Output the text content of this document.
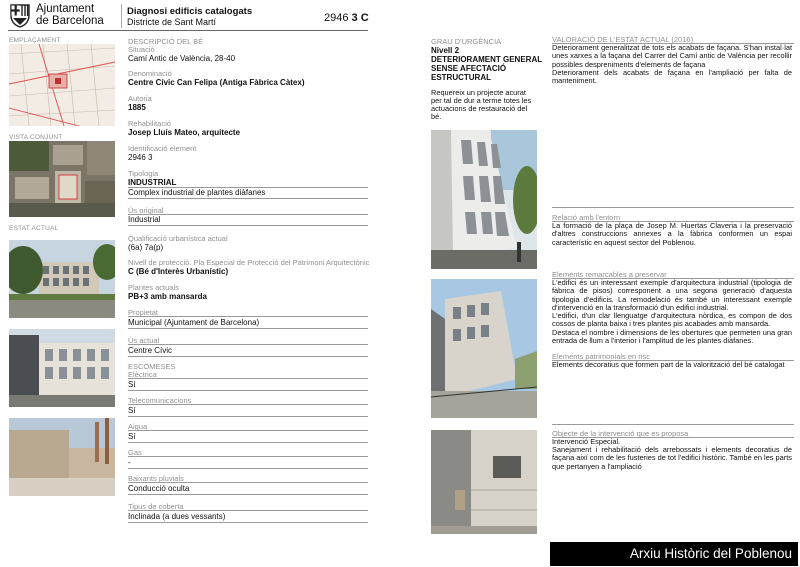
Ajuntament
de Barcelona
Diagnosi edificis catalogats
Districte de Sant Martí	2946 3 C
EMPLAÇAMENT
VISTA CONJUNT
ESTAT ACTUAL
DESCRIPCIÓ DEL BÉ
Situació
Camí Antic de València, 28-40
Denominació
Centre Cívic Can Felipa (Antiga Fàbrica Càtex)
Autoria
1885
Rehabilitació
Josep Lluís Mateo, arquitecte
Identificació element
2946 3
Tipologia
INDUSTRIAL
Complex industrial de plantes diàfanes
Ús original
Industrial
Qualificació urbanística actual
(6a) 7a(p)
Nivell de protecció. Pla Especial de Protecció del Patrimoni Arquitectònic
C (Bé d'Interès Urbanístic)
Plantes actuals
PB+3 amb mansarda
Propietat
Municipal (Ajuntament de Barcelona)
Ús actual
Centre Cívic
ESCOMESES
Elèctrica
Sí
Telecomunicacions
Sí
Aigua
Sí
Gas
-
Baixants pluvials
Conducció oculta
Tipus de coberta
Inclinada (a dues vessants)
GRAU D'URGÈNCIA
Nivell 2
DETERIORAMENT GENERAL
SENSE AFECTACIÓ
ESTRUCTURAL
Requereix un projecte acurat
per tal de dur a terme totes les
actuacions de restauració del
bé.
VALORACIÓ DE L'ESTAT ACTUAL (2016)
Deteriorament generalitzat de tots els acabats de façana. S'han instal·lat unes xarxes a la façana del Carrer del Camí antic de València per recollir possibles despreniments d'elements de façana
Deteriorament dels acabats de façana en l'ampliació per falta de manteniment.
Relació amb l'entorn
La formació de la plaça de Josep M. Huertas Claveria i la preservació d'altres construccions annexes a la fàbrica conformen un espai característic en aquest sector del Poblenou.
Elements remarcables a preservar
L'edifici és un interessant exemple d'arquitectura industrial (tipologia de fàbrica de pisos) corresponent a una segona generació d'aquesta tipologia d'edificis. La remodelació és també un interessant exemple d'intervenció en la transformació d'un edifici industrial.
L'edifici, d'un clar llenguatge d'arquitectura nòrdica, es compon de dos cossos de planta baixa i tres plantes pis acabades amb mansarda.
Destaca el nombre i dimensions de les obertures que permeten una gran entrada de llum a l'interior i l'amplitud de les plantes diàfanes.
Elements patrimonials en risc
Elements decoratius que formen part de la valorització del bé catalogat
Objecte de la intervenció que es proposa
Intervenció Especial.
Sanejament i rehabilitació dels arrebossats i elements decoratius de façana així com de les fusteries de tot l'edifici històric. També en les parts que pertanyen a l'ampliació
Arxiu Històric del Poblenou
